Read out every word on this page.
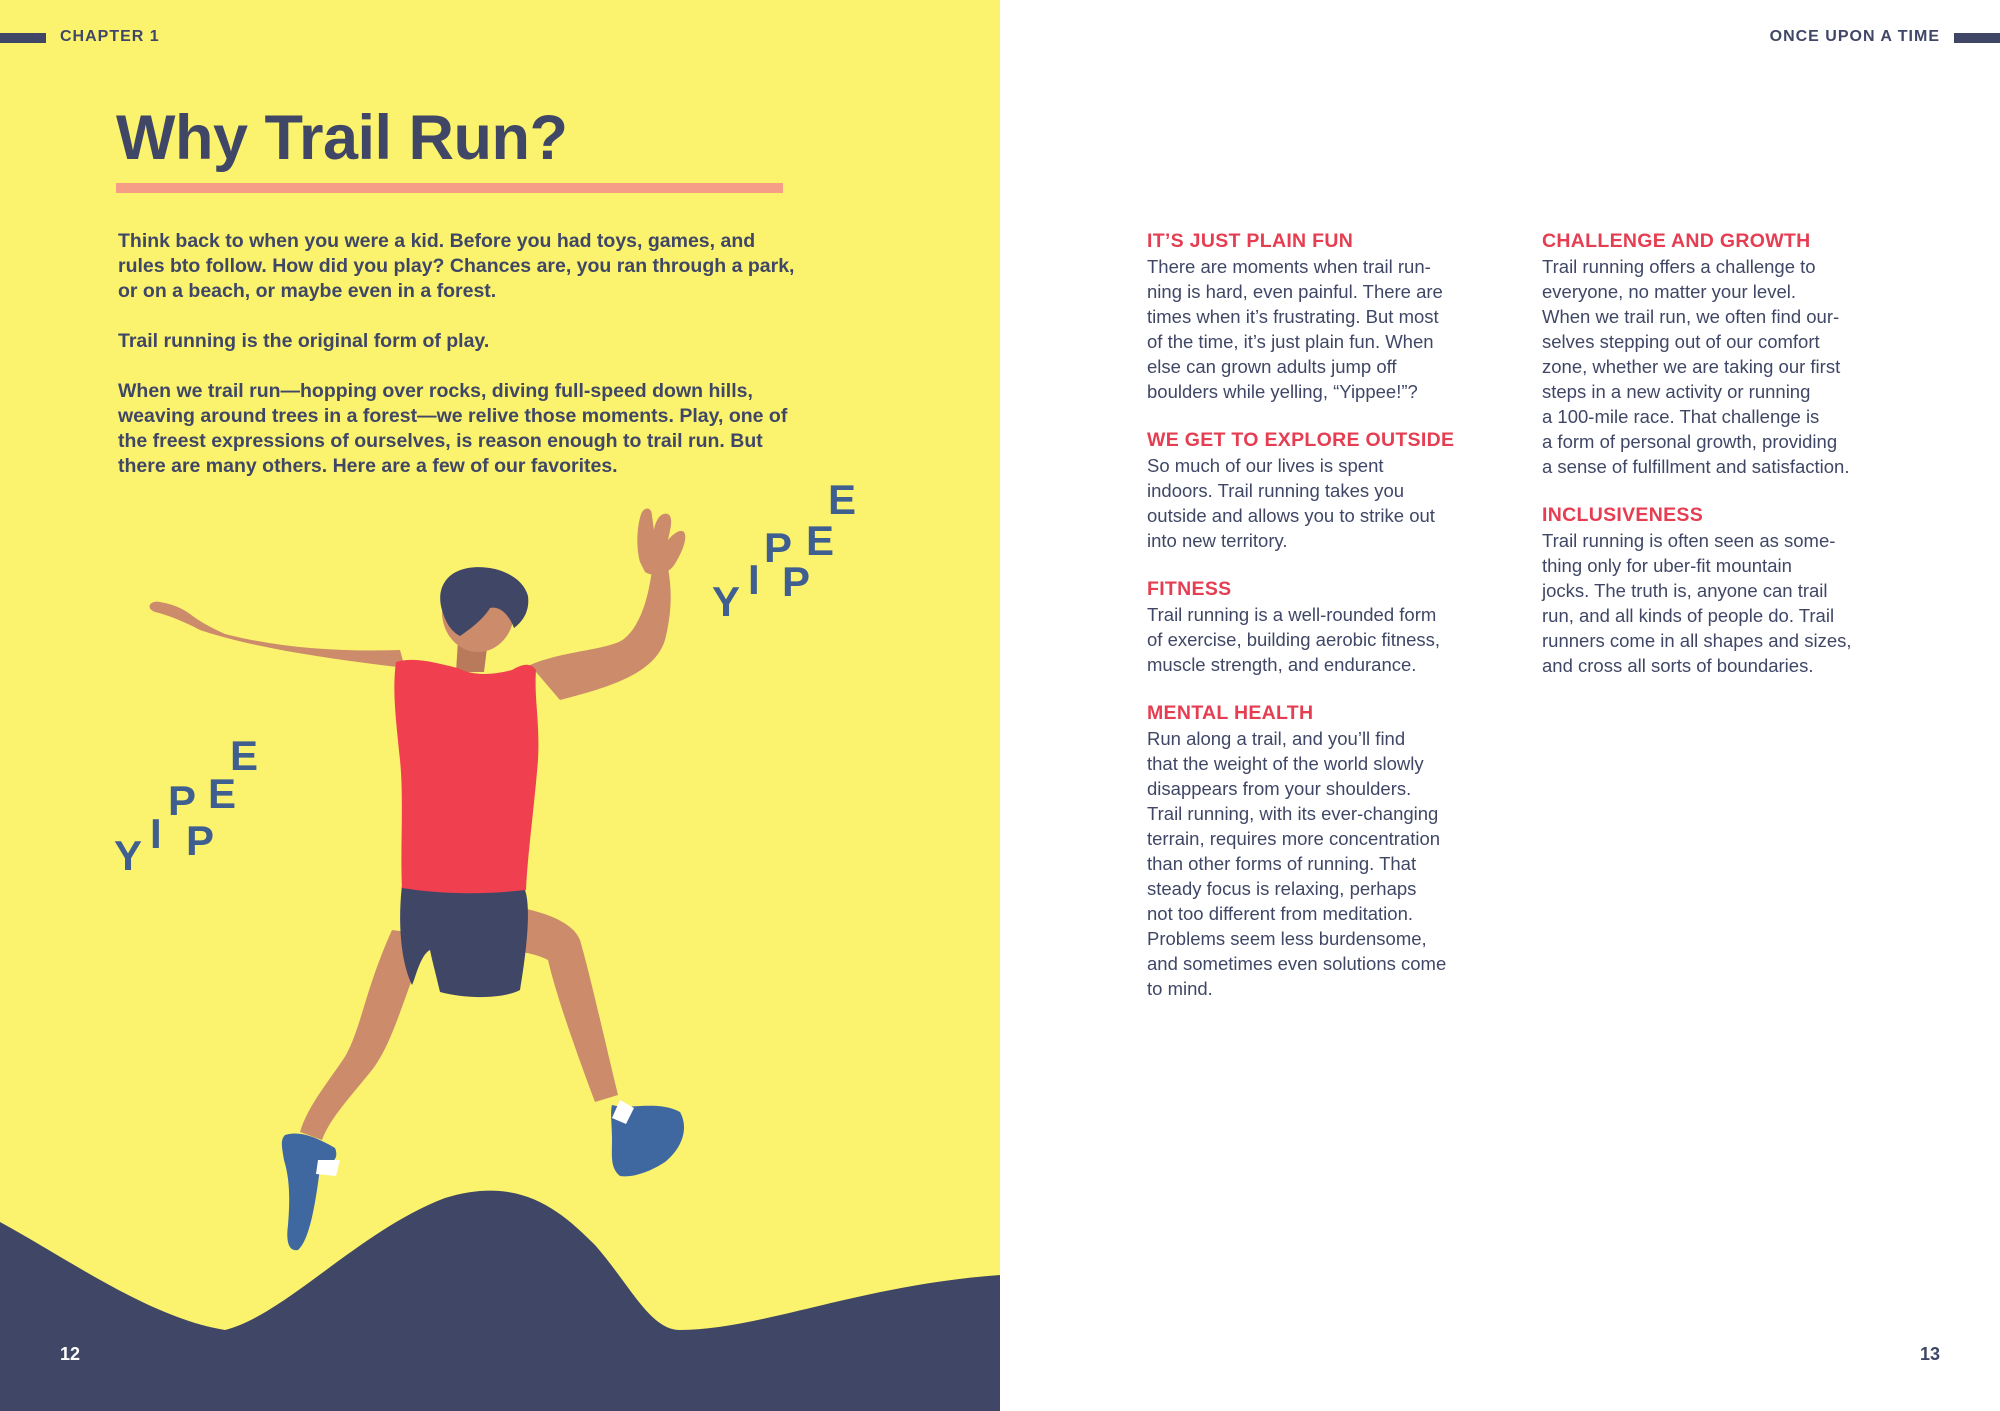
CHAPTER 1
Why Trail Run?

Think back to when you were a kid. Before you had toys, games, and rules bto follow. How did you play? Chances are, you ran through a park, or on a beach, or maybe even in a forest.

Trail running is the original form of play.

When we trail run—hopping over rocks, diving full-speed down hills, weaving around trees in a forest—we relive those moments. Play, one of the freest expressions of ourselves, is reason enough to trail run. But there are many others. Here are a few of our favorites.

Y I P
P E
E
Y I P
P E
E
12
ONCE UPON A TIME
IT’S JUST PLAIN FUN

There are moments when trail run-
ning is hard, even painful. There are
times when it’s frustrating. But most
of the time, it’s just plain fun. When
else can grown adults jump off
boulders while yelling, “Yippee!”?

WE GET TO EXPLORE OUTSIDE

So much of our lives is spent
indoors. Trail running takes you
outside and allows you to strike out
into new territory.

FITNESS

Trail running is a well-rounded form
of exercise, building aerobic fitness,
muscle strength, and endurance.

MENTAL HEALTH

Run along a trail, and you’ll find
that the weight of the world slowly
disappears from your shoulders.
Trail running, with its ever-changing
terrain, requires more concentration
than other forms of running. That
steady focus is relaxing, perhaps
not too different from meditation.
Problems seem less burdensome,
and sometimes even solutions come
to mind.

CHALLENGE AND GROWTH

Trail running offers a challenge to
everyone, no matter your level.
When we trail run, we often find our-
selves stepping out of our comfort
zone, whether we are taking our first
steps in a new activity or running
a 100-mile race. That challenge is
a form of personal growth, providing
a sense of fulfillment and satisfaction.

INCLUSIVENESS

Trail running is often seen as some-
thing only for uber-fit mountain
jocks. The truth is, anyone can trail
run, and all kinds of people do. Trail
runners come in all shapes and sizes,
and cross all sorts of boundaries.

13
